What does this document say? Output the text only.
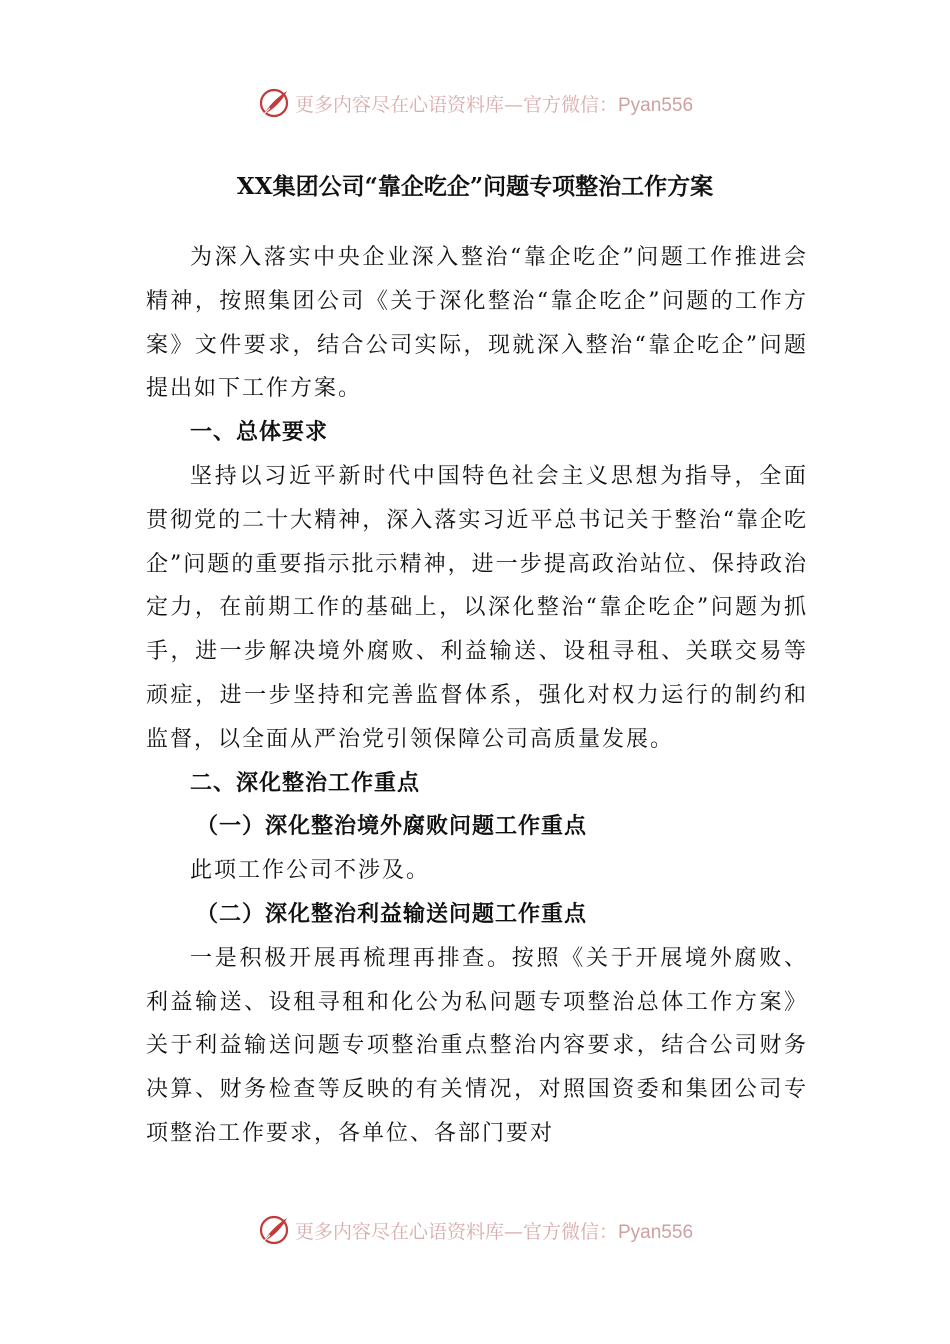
更多内容尽在心语资料库—官方微信：Pyan556
XX集团公司“靠企吃企”问题专项整治工作方案

为深入落实中央企业深入整治“靠企吃企”问题工作推进会精神，按照集团公司《关于深化整治“靠企吃企”问题的工作方案》文件要求，结合公司实际，现就深入整治“靠企吃企”问题提出如下工作方案。

一、总体要求

坚持以习近平新时代中国特色社会主义思想为指导，全面贯彻党的二十大精神，深入落实习近平总书记关于整治“靠企吃企”问题的重要指示批示精神，进一步提高政治站位、保持政治定力，在前期工作的基础上，以深化整治“靠企吃企”问题为抓手，进一步解决境外腐败、利益输送、设租寻租、关联交易等顽症，进一步坚持和完善监督体系，强化对权力运行的制约和监督，以全面从严治党引领保障公司高质量发展。

二、深化整治工作重点

（一）深化整治境外腐败问题工作重点

此项工作公司不涉及。

（二）深化整治利益输送问题工作重点

一是积极开展再梳理再排查。按照《关于开展境外腐败、利益输送、设租寻租和化公为私问题专项整治总体工作方案》关于利益输送问题专项整治重点整治内容要求，结合公司财务决算、财务检查等反映的有关情况，对照国资委和集团公司专项整治工作要求，各单位、各部门要对

更多内容尽在心语资料库—官方微信：Pyan556
